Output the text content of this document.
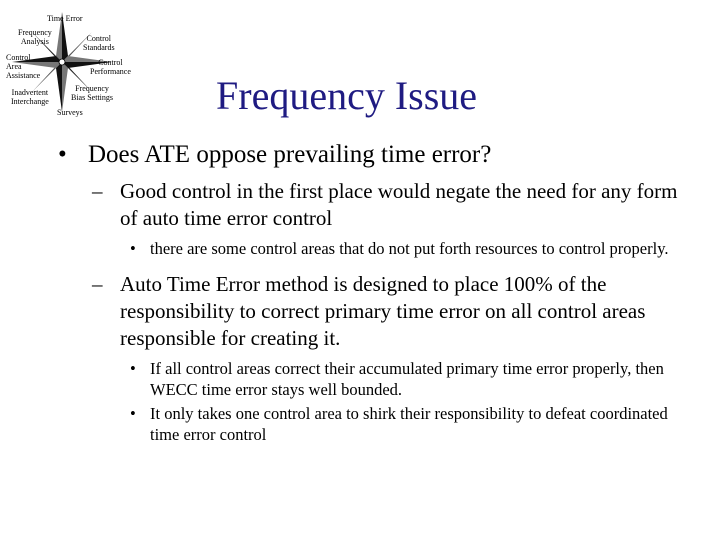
Time Error
Frequency
Analysis	Control
Standards
Control
Area
Assistance
Control
Performance
Inadvertent
Interchange
Frequency
Bias Settings
Surveys	Frequency Issue
• Does ATE oppose prevailing time error?
– Good control in the first place would negate the need for any form of auto time error control
• there are some control areas that do not put forth resources to control properly.
– Auto Time Error method is designed to place 100% of the responsibility to correct primary time error on all control areas responsible for creating it.
• If all control areas correct their accumulated primary time error properly, then WECC time error stays well bounded.
• It only takes one control area to shirk their responsibility to defeat coordinated time error control
